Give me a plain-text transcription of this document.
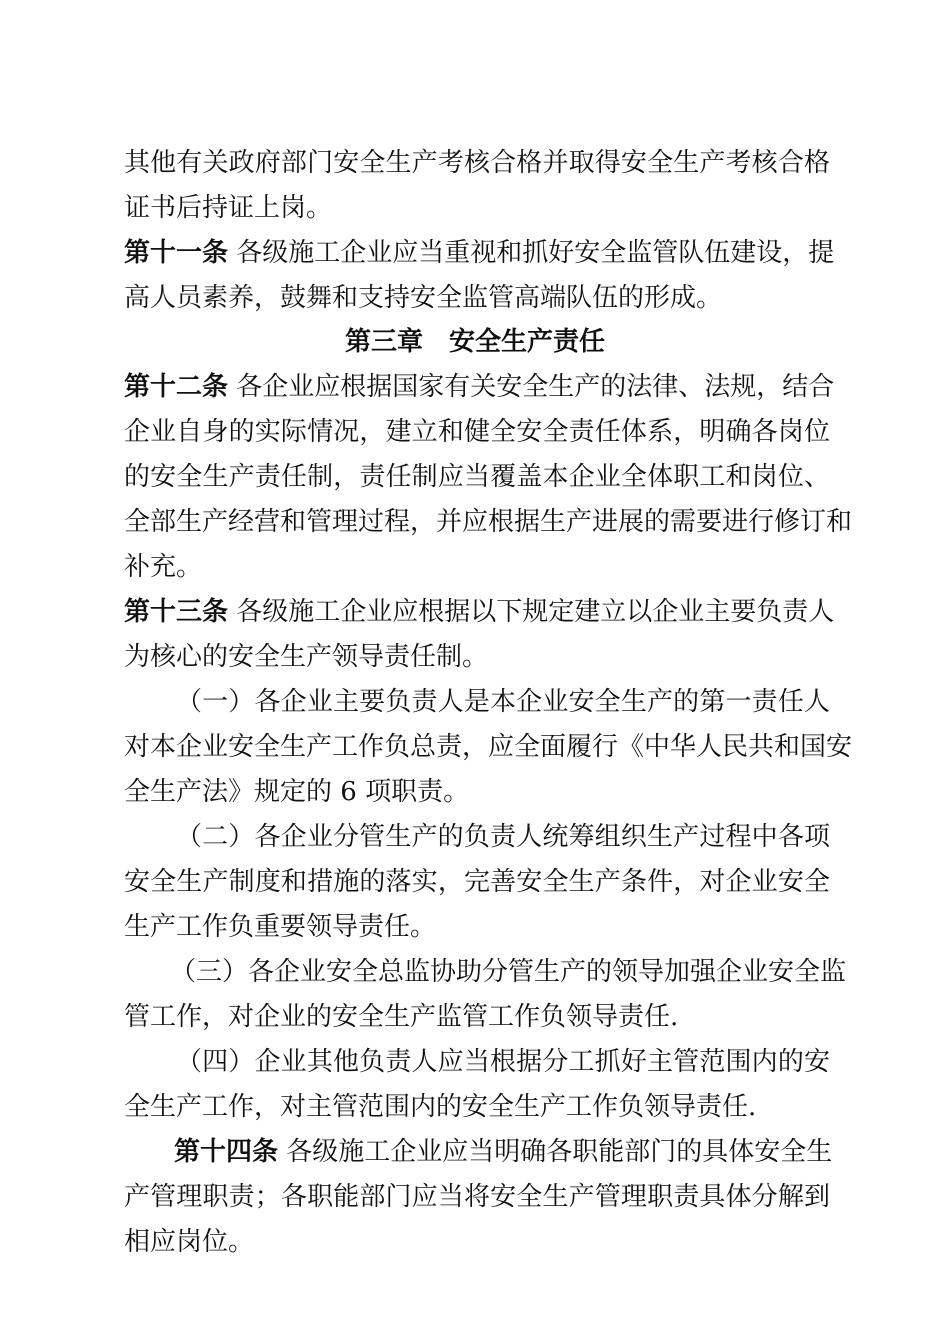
其他有关政府部门安全生产考核合格并取得安全生产考核合格
证书后持证上岗。
第十一条 各级施工企业应当重视和抓好安全监管队伍建设，提
高人员素养，鼓舞和支持安全监管高端队伍的形成。
第三章 安全生产责任
第十二条 各企业应根据国家有关安全生产的法律、法规，结合
企业自身的实际情况，建立和健全安全责任体系，明确各岗位
的安全生产责任制，责任制应当覆盖本企业全体职工和岗位、
全部生产经营和管理过程，并应根据生产进展的需要进行修订和
补充。
第十三条 各级施工企业应根据以下规定建立以企业主要负责人
为核心的安全生产领导责任制。
（一）各企业主要负责人是本企业安全生产的第一责任人
对本企业安全生产工作负总责，应全面履行《中华人民共和国安
全生产法》规定的 6 项职责。
（二）各企业分管生产的负责人统筹组织生产过程中各项
安全生产制度和措施的落实，完善安全生产条件，对企业安全
生产工作负重要领导责任。
（三）各企业安全总监协助分管生产的领导加强企业安全监
管工作，对企业的安全生产监管工作负领导责任.
（四）企业其他负责人应当根据分工抓好主管范围内的安
全生产工作，对主管范围内的安全生产工作负领导责任.
第十四条 各级施工企业应当明确各职能部门的具体安全生
产管理职责；各职能部门应当将安全生产管理职责具体分解到
相应岗位。
